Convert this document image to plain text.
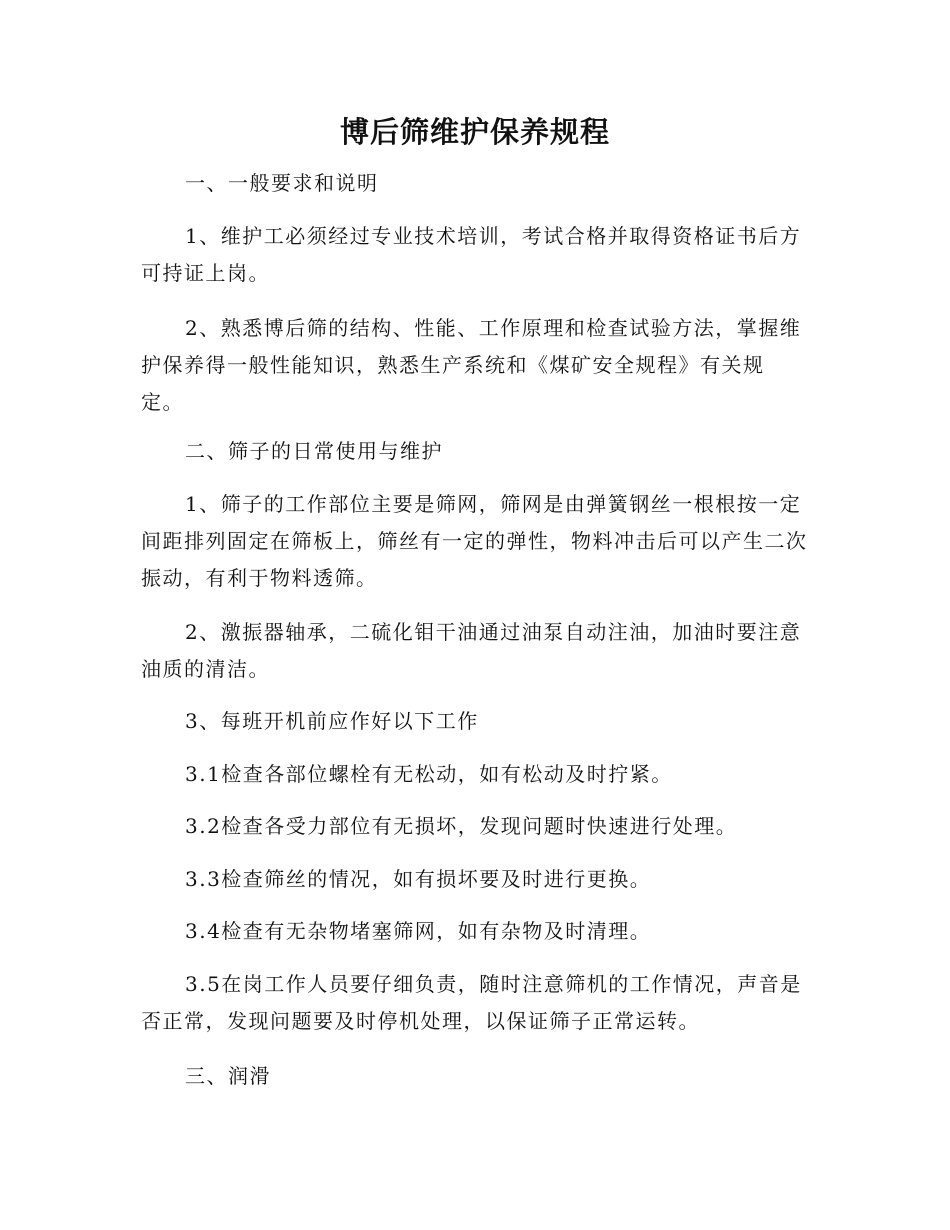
博后筛维护保养规程

一、一般要求和说明

1、维护工必须经过专业技术培训，考试合格并取得资格证书后方可持证上岗。

2、熟悉博后筛的结构、性能、工作原理和检查试验方法，掌握维护保养得一般性能知识，熟悉生产系统和《煤矿安全规程》有关规
定。

二、筛子的日常使用与维护

1、筛子的工作部位主要是筛网，筛网是由弹簧钢丝一根根按一定间距排列固定在筛板上，筛丝有一定的弹性，物料冲击后可以产生二次振动，有利于物料透筛。

2、激振器轴承，二硫化钼干油通过油泵自动注油，加油时要注意油质的清洁。

3、每班开机前应作好以下工作

3.1检查各部位螺栓有无松动，如有松动及时拧紧。

3.2检查各受力部位有无损坏，发现问题时快速进行处理。

3.3检查筛丝的情况，如有损坏要及时进行更换。

3.4检查有无杂物堵塞筛网，如有杂物及时清理。

3.5在岗工作人员要仔细负责，随时注意筛机的工作情况，声音是否正常，发现问题要及时停机处理，以保证筛子正常运转。

三、润滑
